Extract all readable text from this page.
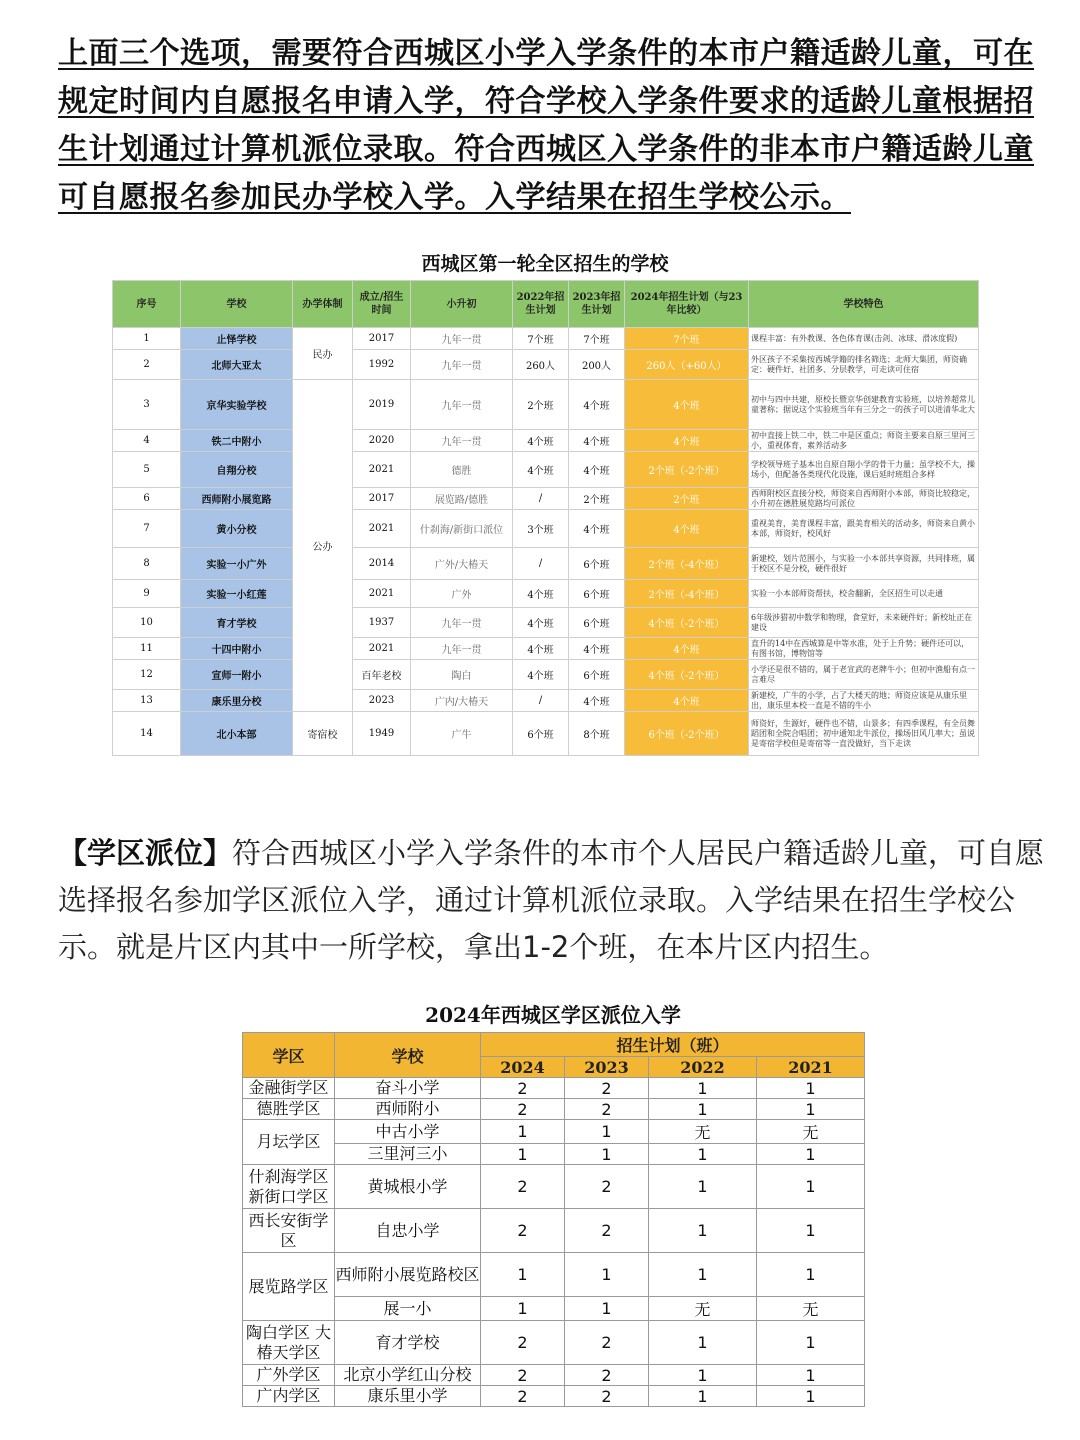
上面三个选项，需要符合西城区小学入学条件的本市户籍适龄儿童，可在规定时间内自愿报名申请入学，符合学校入学条件要求的适龄儿童根据招生计划通过计算机派位录取。符合西城区入学条件的非本市户籍适龄儿童可自愿报名参加民办学校入学。入学结果在招生学校公示。
西城区第一轮全区招生的学校
序号	学校	办学体制	成立/招生时间	小升初	2022年招生计划	2023年招生计划	2024年招生计划（与23年比较）	学校特色
1	止怿学校	民办	2017	九年一贯	7个班	7个班	7个班	课程丰富：有外教课、各色体育课(击剑、冰球、滑冰度假)
2	北师大亚太		1992	九年一贯	260人	200人	260人（+60人）	外区孩子不采集按西城学籍的排名筛选；北师大集团，师资确定：硬件好、社团多、分层教学，可走读可住宿
3	京华实验学校	公办	2019	九年一贯	2个班	4个班	4个班	初中与四中共建，原校长暨京华创建教育实验班，以培养超常儿童著称；据说这个实验班当年有三分之一的孩子可以进清华北大
4	铁二中附小		2020	九年一贯	4个班	4个班	4个班	初中直接上铁二中，铁二中是区重点；师资主要来自原三里河三小，重视体育，素养活动多
5	自翔分校		2021	德胜	4个班	4个班	2个班（-2个班）	学校领导班子基本出自原自翔小学的骨干力量；虽学校不大，操场小，但配备各类现代化设施，课后延时班组合多样
6	西师附小展览路		2017	展览路/德胜	/	2个班	2个班	西师附校区直接分校，师资来自西师附小本部，师资比较稳定，小升初在德胜展览路均可派位
7	黄小分校		2021	什刹海/新街口派位	3个班	4个班	4个班	重视美育，美育课程丰富，跟美育相关的活动多，师资来自黄小本部，师资好，校风好
8	实验一小广外		2014	广外/大椿天	/	6个班	2个班（-4个班）	新建校，划片范围小，与实验一小本部共享资源，共同排班，属于校区不是分校，硬件很好
9	实验一小红莲		2021	广外	4个班	6个班	2个班（-4个班）	实验一小本部师资帮扶，校舍翻新，全区招生可以走通
10	育才学校		1937	九年一贯	4个班	6个班	4个班（-2个班）	6年级涉猎初中数学和物理，食堂好，未来硬件好；新校址正在建设
11	十四中附小		2021	九年一贯	4个班	4个班	4个班	直升的14中在西城算是中等水准，处于上升势；硬件还可以，有图书馆，博物馆等
12	宣师一附小		百年老校	陶白	4个班	6个班	4个班（-2个班）	小学还是很不错的，属于老宣武的老牌牛小；但初中渔船有点一言难尽
13	康乐里分校		2023	广内/大椿天	/	4个班	4个班	新建校，广牛的小学，占了大楼天的地；师资应该是从康乐里出，康乐里本校一直是不错的牛小
14	北小本部	寄宿校	1949	广牛	6个班	8个班	6个班（-2个班）	师资好，生源好，硬件也不错，山景多；有四季课程，有全员舞蹈团和全院合唱团；初中通知北牛派位，操场旧风几率大；虽说是寄宿学校但是寄宿等一直没做好，当下走读
【学区派位】符合西城区小学入学条件的本市个人居民户籍适龄儿童，可自愿选择报名参加学区派位入学，通过计算机派位录取。入学结果在招生学校公示。就是片区内其中一所学校，拿出1-2个班，在本片区内招生。
2024年西城区学区派位入学
学区	学校	招生计划（班）			
		2024	2023	2022	2021
金融街学区	奋斗小学	2	2	1	1
德胜学区	西师附小	2	2	1	1
月坛学区	中古小学	1	1	无	无
	三里河三小	1	1	1	1
什刹海学区 新街口学区	黄城根小学	2	2	1	1
西长安街学区	自忠小学	2	2	1	1
展览路学区	西师附小展览路校区	1	1	1	1
	展一小	1	1	无	无
陶白学区 大椿天学区	育才学校	2	2	1	1
广外学区	北京小学红山分校	2	2	1	1
广内学区	康乐里小学	2	2	1	1
